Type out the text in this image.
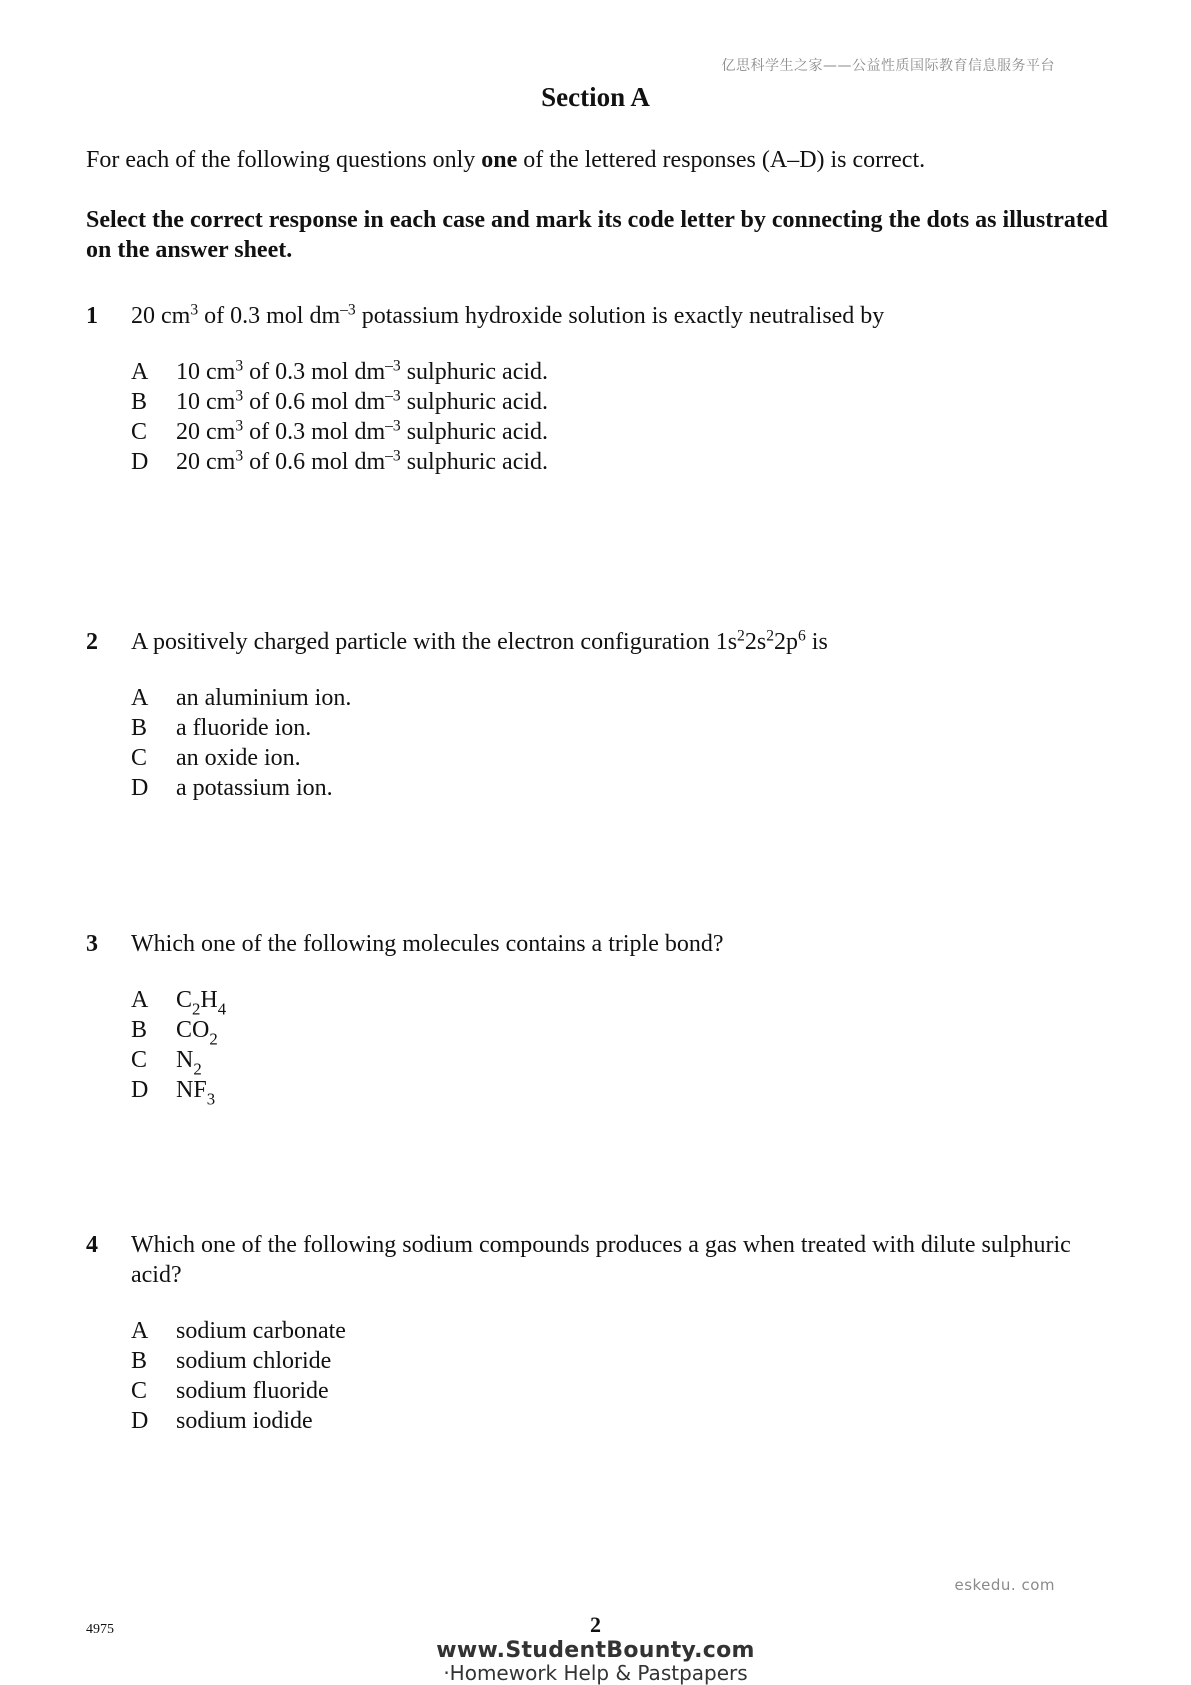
亿思科学生之家——公益性质国际教育信息服务平台
Section A
For each of the following questions only one of the lettered responses (A–D) is correct.
Select the correct response in each case and mark its code letter by connecting the dots as illustrated on the answer sheet.
1 20 $cm^3$ of 0.3 mol $dm^{-3}$ potassium hydroxide solution is exactly neutralised by
A 10 $cm^3$ of 0.3 mol $dm^{-3}$ sulphuric acid.
B 10 $cm^3$ of 0.6 mol $dm^{-3}$ sulphuric acid.
C 20 $cm^3$ of 0.3 mol $dm^{-3}$ sulphuric acid.
D 20 $cm^3$ of 0.6 mol $dm^{-3}$ sulphuric acid.
2 A positively charged particle with the electron configuration $1s^22s^22p^6$ is
A an aluminium ion.
B a fluoride ion.
C an oxide ion.
D a potassium ion.
3 Which one of the following molecules contains a triple bond?
A $C_2H_4$
B $CO_2$
C $N_2$
D $NF_3$
4 Which one of the following sodium compounds produces a gas when treated with dilute sulphuric acid?
A sodium carbonate
B sodium chloride
C sodium fluoride
D sodium iodide
eskedu. com
4975	2
www.StudentBounty.com
·Homework Help & Pastpapers
